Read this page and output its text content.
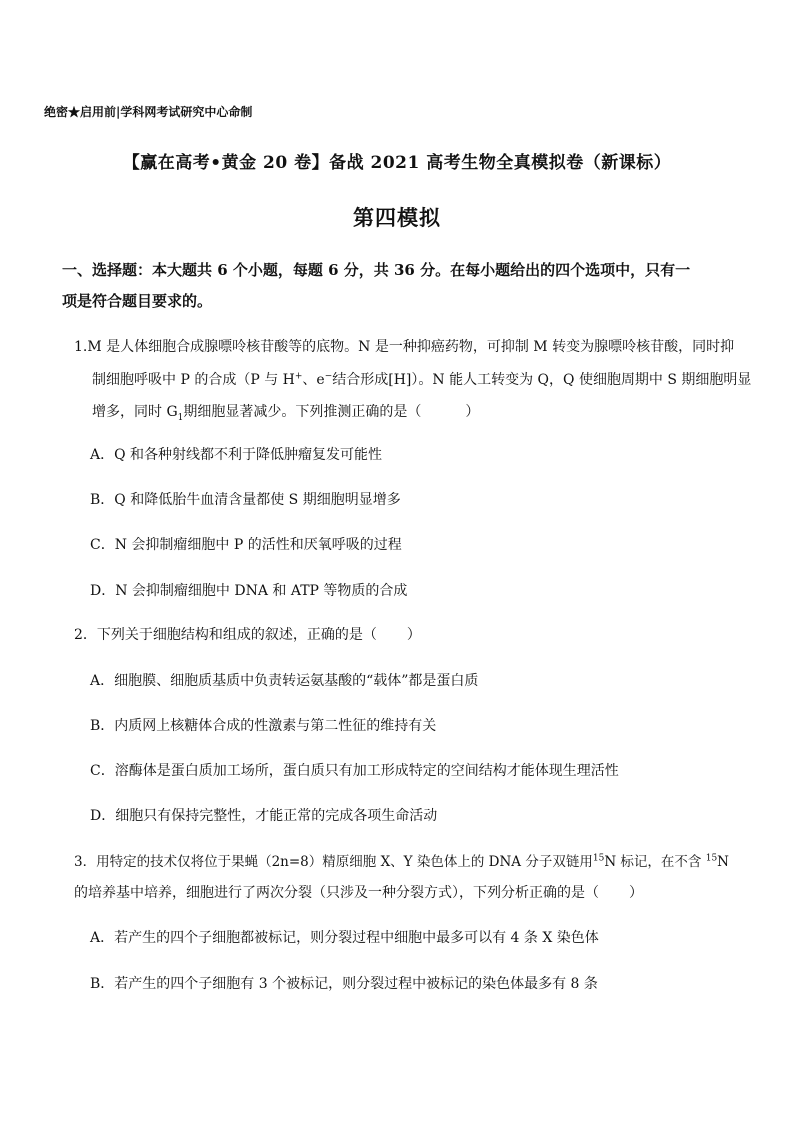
绝密★启用前|学科网考试研究中心命制
【赢在高考•黄金 20 卷】备战 2021 高考生物全真模拟卷（新课标）
第四模拟
一、选择题：本大题共 6 个小题，每题 6 分，共 36 分。在每小题给出的四个选项中，只有一
项是符合题目要求的。
1.M 是人体细胞合成腺嘌呤核苷酸等的底物。N 是一种抑癌药物，可抑制 M 转变为腺嘌呤核苷酸，同时抑
制细胞呼吸中 P 的合成（P 与 H+、e−结合形成[H]）。N 能人工转变为 Q，Q 使细胞周期中 S 期细胞明显
增多，同时 $G_1$期细胞显著减少。下列推测正确的是（	）
A．Q 和各种射线都不利于降低肿瘤复发可能性
B．Q 和降低胎牛血清含量都使 S 期细胞明显增多
C．N 会抑制瘤细胞中 P 的活性和厌氧呼吸的过程
D．N 会抑制瘤细胞中 DNA 和 ATP 等物质的合成
2．下列关于细胞结构和组成的叙述，正确的是（ ）
A．细胞膜、细胞质基质中负责转运氨基酸的“载体”都是蛋白质
B．内质网上核糖体合成的性激素与第二性征的维持有关
C．溶酶体是蛋白质加工场所，蛋白质只有加工形成特定的空间结构才能体现生理活性
D．细胞只有保持完整性，才能正常的完成各项生命活动
3．用特定的技术仅将位于果蝇（2n=8）精原细胞 X、Y 染色体上的 DNA 分子双链用$^{15}$N 标记，在不含 $^{15}$N
的培养基中培养，细胞进行了两次分裂（只涉及一种分裂方式），下列分析正确的是（ ）
A．若产生的四个子细胞都被标记，则分裂过程中细胞中最多可以有 4 条 X 染色体
B．若产生的四个子细胞有 3 个被标记，则分裂过程中被标记的染色体最多有 8 条
